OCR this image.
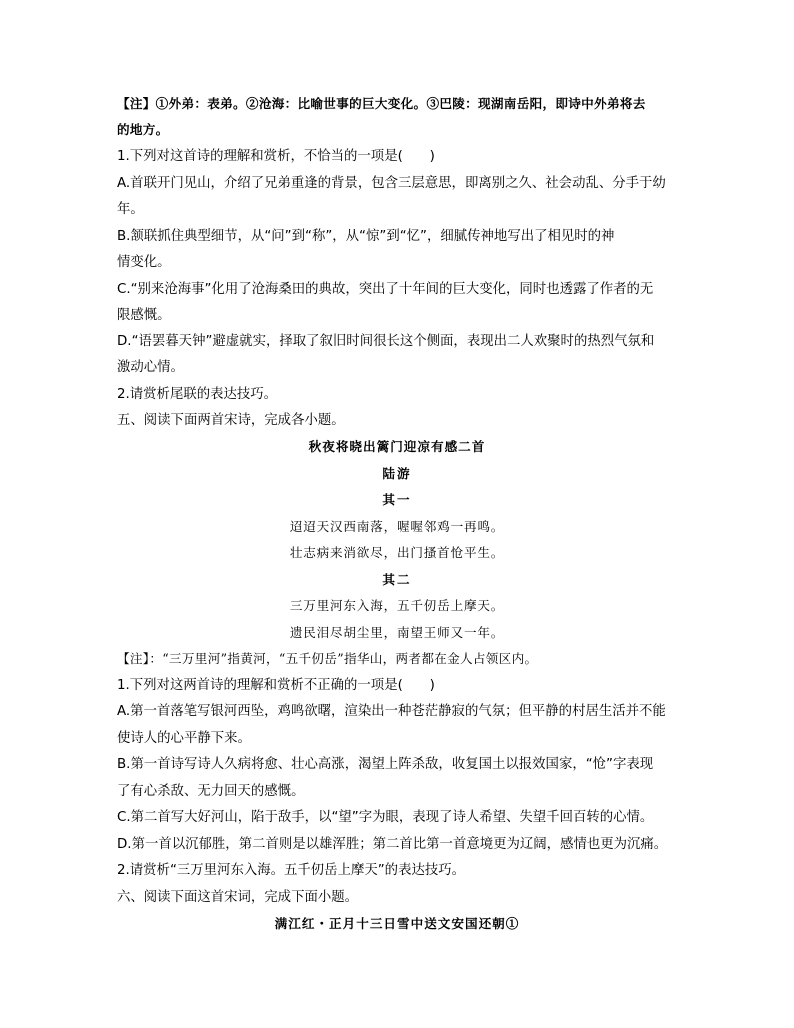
【注】①外弟：表弟。②沧海：比喻世事的巨大变化。③巴陵：现湖南岳阳，即诗中外弟将去
的地方。
1.下列对这首诗的理解和赏析，不恰当的一项是(　　)
A.首联开门见山，介绍了兄弟重逢的背景，包含三层意思，即离别之久、社会动乱、分手于幼
年。
B.颔联抓住典型细节，从“问”到“称”，从“惊”到“忆”，细腻传神地写出了相见时的神
情变化。
C.“别来沧海事”化用了沧海桑田的典故，突出了十年间的巨大变化，同时也透露了作者的无
限感慨。
D.“语罢暮天钟”避虚就实，择取了叙旧时间很长这个侧面，表现出二人欢聚时的热烈气氛和
激动心情。
2.请赏析尾联的表达技巧。
五、阅读下面两首宋诗，完成各小题。
秋夜将晓出篱门迎凉有感二首
陆游
其一
迢迢天汉西南落，喔喔邻鸡一再鸣。
壮志病来消欲尽，出门搔首怆平生。
其二
三万里河东入海，五千仞岳上摩天。
遗民泪尽胡尘里，南望王师又一年。
【注】：“三万里河”指黄河，“五千仞岳”指华山，两者都在金人占领区内。
1.下列对这两首诗的理解和赏析不正确的一项是(　　)
A.第一首落笔写银河西坠，鸡鸣欲曙，渲染出一种苍茫静寂的气氛；但平静的村居生活并不能
使诗人的心平静下来。
B.第一首诗写诗人久病将愈、壮心高涨，渴望上阵杀敌，收复国土以报效国家，“怆”字表现
了有心杀敌、无力回天的感慨。
C.第二首写大好河山，陷于敌手，以“望”字为眼，表现了诗人希望、失望千回百转的心情。
D.第一首以沉郁胜，第二首则是以雄浑胜；第二首比第一首意境更为辽阔，感情也更为沉痛。
2.请赏析“三万里河东入海。五千仞岳上摩天”的表达技巧。
六、阅读下面这首宋词，完成下面小题。
满江红・正月十三日雪中送文安国还朝①
